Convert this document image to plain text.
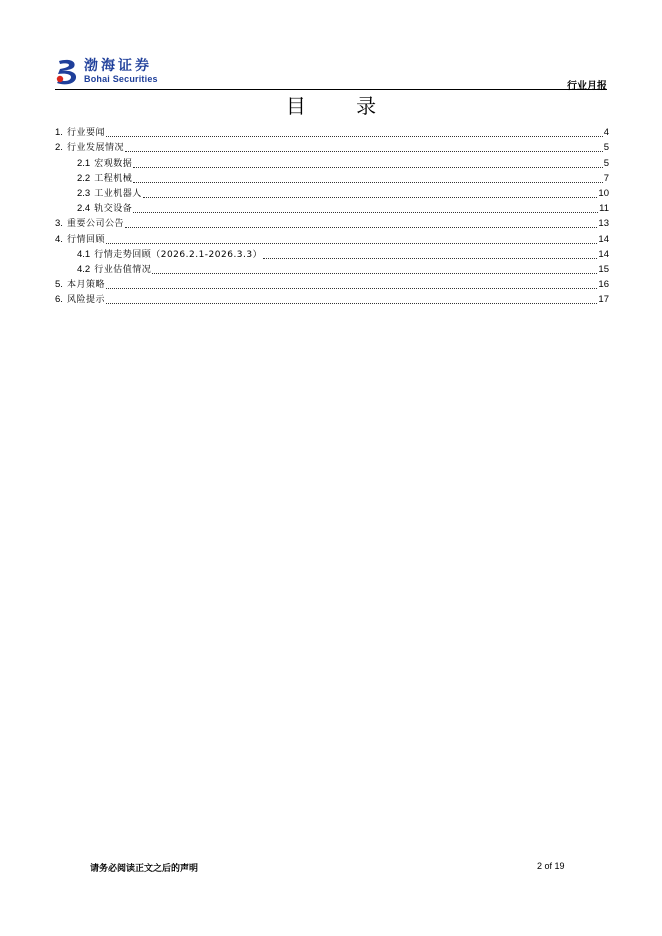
渤海证券
Bohai Securities
行业月报
目 录
1. 行业要闻	4
2. 行业发展情况	5
2.1 宏观数据	5
2.2 工程机械	7
2.3 工业机器人	10
2.4 轨交设备	11
3. 重要公司公告	13
4. 行情回顾	14
4.1 行情走势回顾（2026.2.1-2026.3.3）	14
4.2 行业估值情况	15
5. 本月策略	16
6. 风险提示	17
请务必阅读正文之后的声明	2 of 19
